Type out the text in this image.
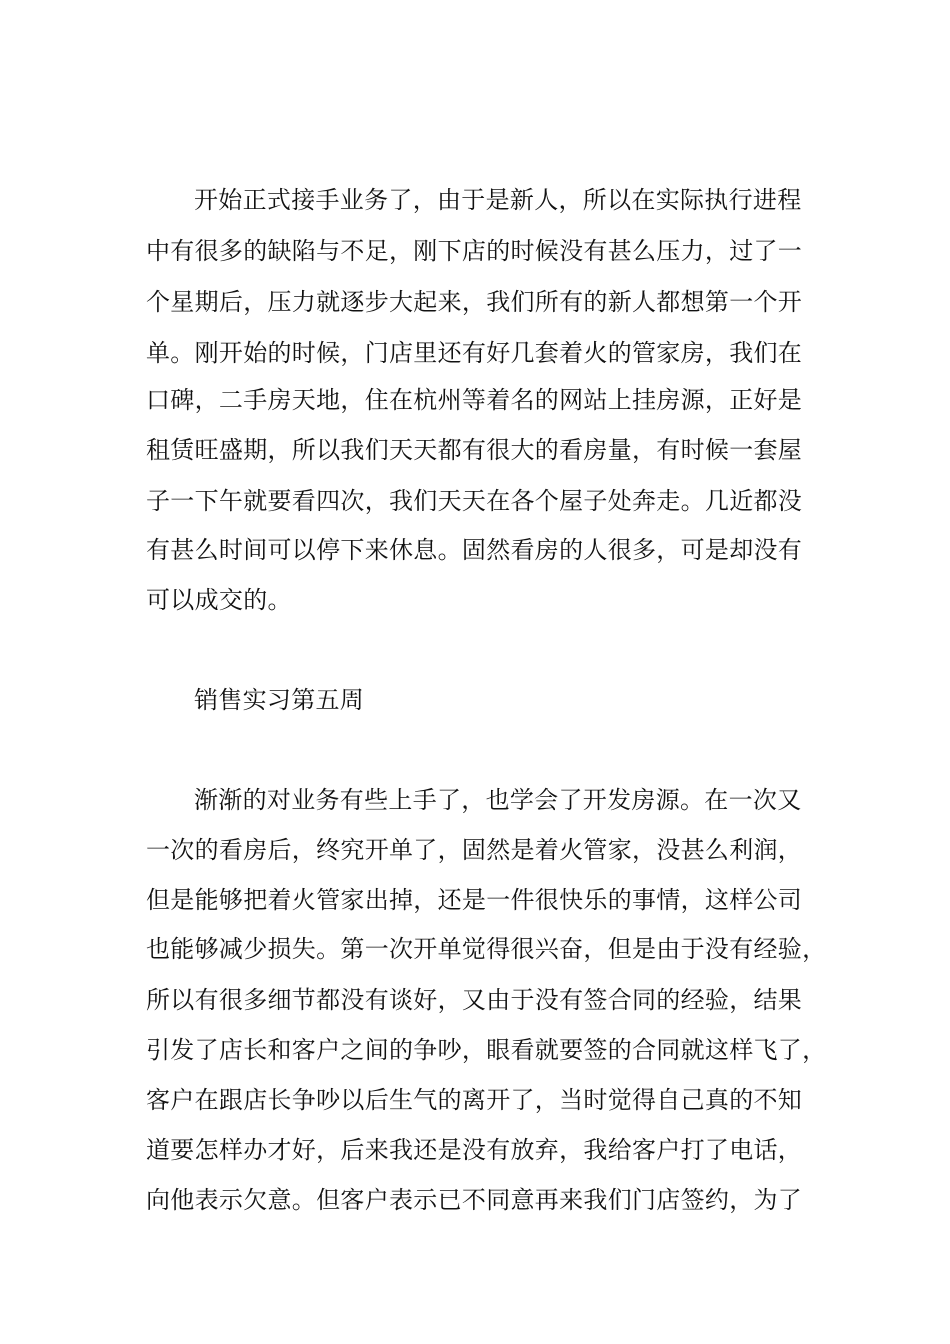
开始正式接手业务了，由于是新人，所以在实际执行进程
中有很多的缺陷与不足，刚下店的时候没有甚么压力，过了一
个星期后，压力就逐步大起来，我们所有的新人都想第一个开
单。刚开始的时候，门店里还有好几套着火的管家房，我们在
口碑，二手房天地，住在杭州等着名的网站上挂房源，正好是
租赁旺盛期，所以我们天天都有很大的看房量，有时候一套屋
子一下午就要看四次，我们天天在各个屋子处奔走。几近都没
有甚么时间可以停下来休息。固然看房的人很多，可是却没有
可以成交的。
销售实习第五周
渐渐的对业务有些上手了，也学会了开发房源。在一次又
一次的看房后，终究开单了，固然是着火管家，没甚么利润，
但是能够把着火管家出掉，还是一件很快乐的事情，这样公司
也能够减少损失。第一次开单觉得很兴奋，但是由于没有经验，
所以有很多细节都没有谈好，又由于没有签合同的经验，结果
引发了店长和客户之间的争吵，眼看就要签的合同就这样飞了，
客户在跟店长争吵以后生气的离开了，当时觉得自己真的不知
道要怎样办才好，后来我还是没有放弃，我给客户打了电话，
向他表示欠意。但客户表示已不同意再来我们门店签约，为了
